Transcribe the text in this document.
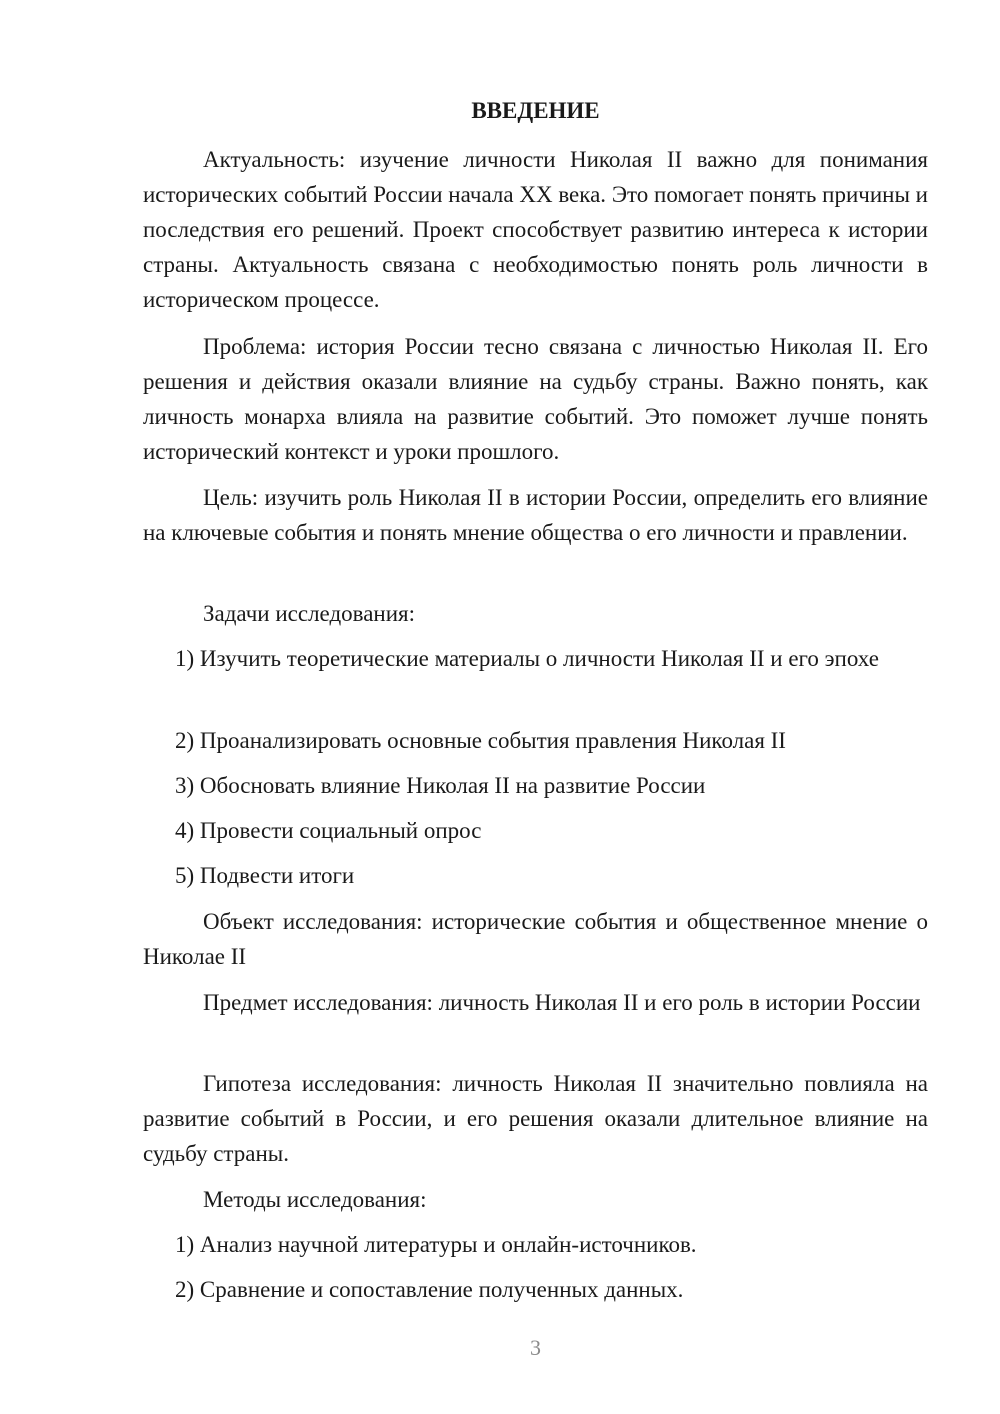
ВВЕДЕНИЕ
Актуальность: изучение личности Николая II важно для понимания исторических событий России начала XX века. Это помогает понять причины и последствия его решений. Проект способствует развитию интереса к истории страны. Актуальность связана с необходимостью понять роль личности в историческом процессе.
Проблема: история России тесно связана с личностью Николая II. Его решения и действия оказали влияние на судьбу страны. Важно понять, как личность монарха влияла на развитие событий. Это поможет лучше понять исторический контекст и уроки прошлого.
Цель: изучить роль Николая II в истории России, определить его влияние на ключевые события и понять мнение общества о его личности и правлении.
Задачи исследования:
1) Изучить теоретические материалы о личности Николая II и его эпохе
2) Проанализировать основные события правления Николая II
3) Обосновать влияние Николая II на развитие России
4) Провести социальный опрос
5) Подвести итоги
Объект исследования: исторические события и общественное мнение о Николае II
Предмет исследования: личность Николая II и его роль в истории России
Гипотеза исследования: личность Николая II значительно повлияла на развитие событий в России, и его решения оказали длительное влияние на судьбу страны.
Методы исследования:
1) Анализ научной литературы и онлайн-источников.
2) Сравнение и сопоставление полученных данных.
3
